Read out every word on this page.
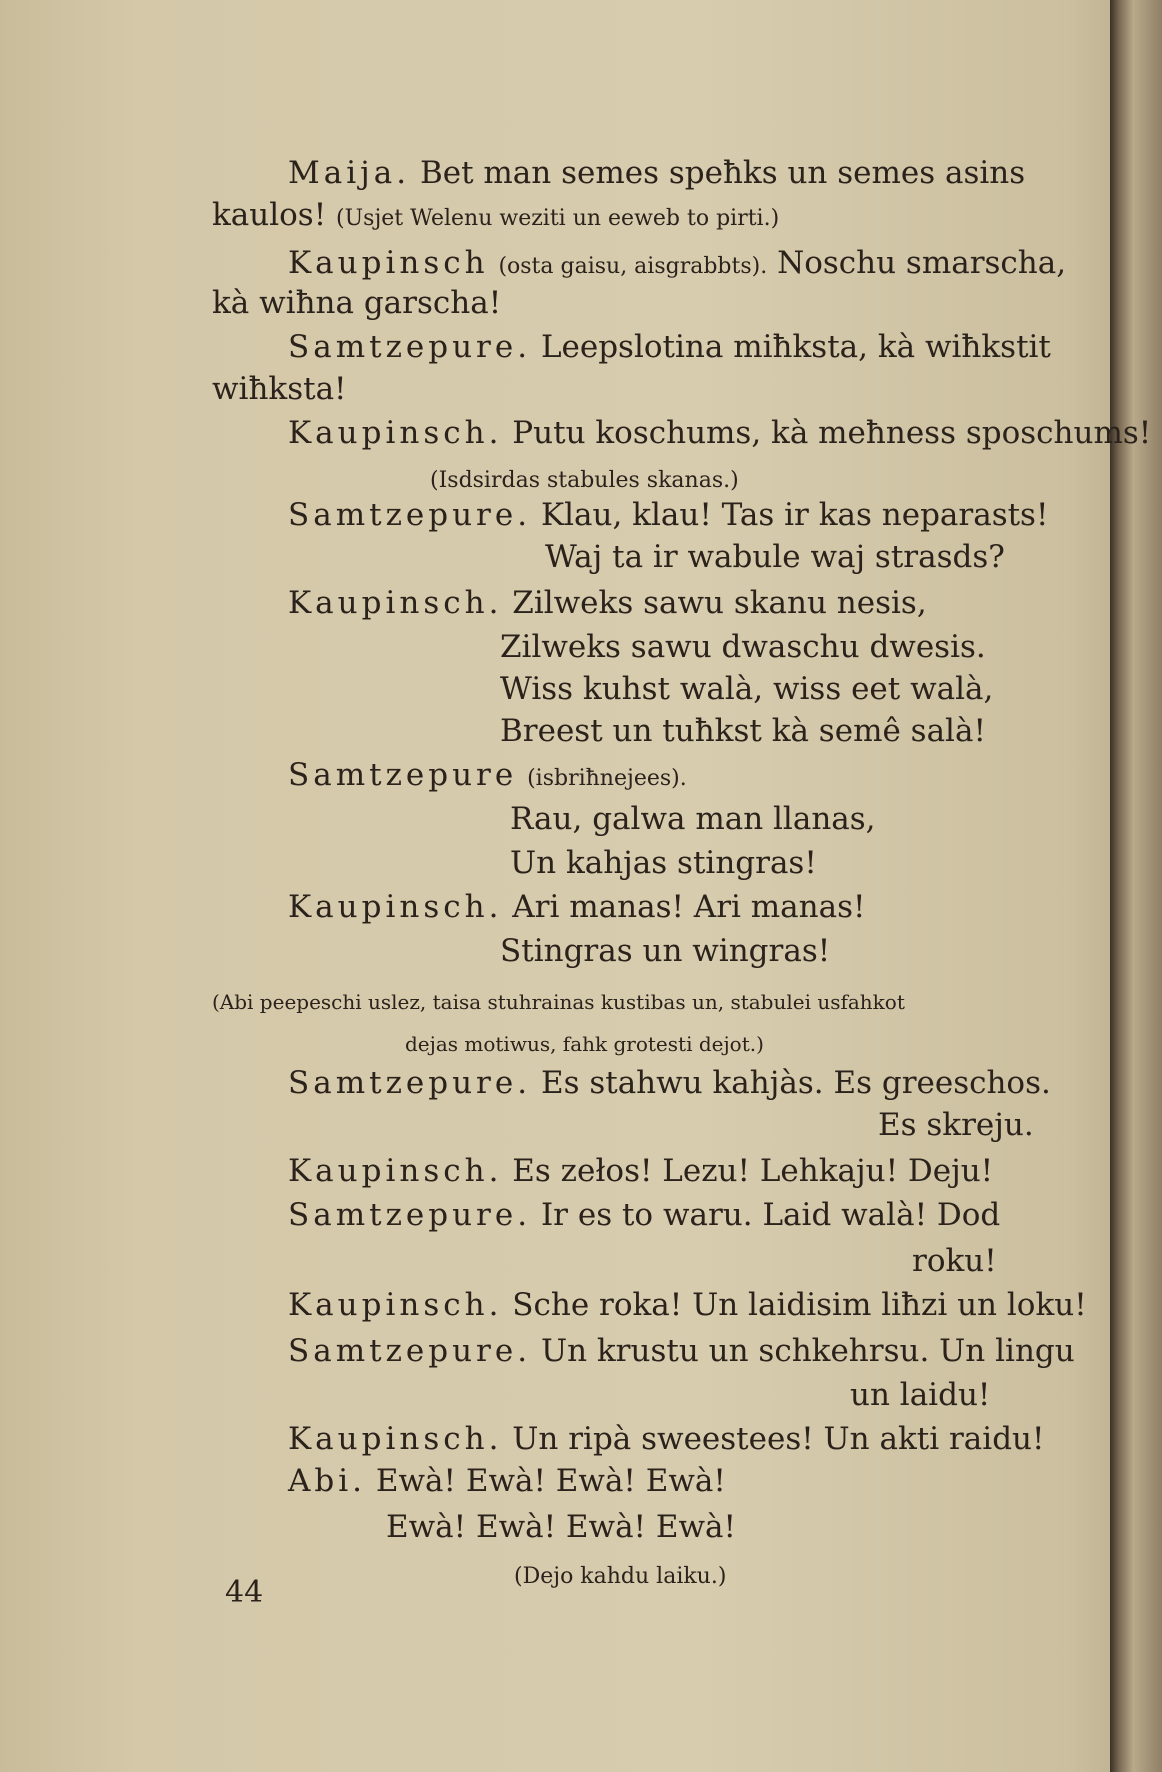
Maija. Bet man semes speħks un semes asins
kaulos! (Usjet Welenu weziti un eeweb to pirti.)
Kaupinsch (osta gaisu, aisgrabbts). Noschu smarscha,
kà wiħna garscha!
Samtzepure. Leepslotina miħksta, kà wiħkstit
wiħksta!
Kaupinsch. Putu koschums, kà meħness sposchums!
(Isdsirdas stabules skanas.)
Samtzepure. Klau, klau! Tas ir kas neparasts!
Waj ta ir wabule waj strasds?
Kaupinsch. Zilweks sawu skanu nesis,
Zilweks sawu dwaschu dwesis.
Wiss kuhst walà, wiss eet walà,
Breest un tuħkst kà semê salà!
Samtzepure (isbriħnejees).
Rau, galwa man llanas,
Un kahjas stingras!
Kaupinsch. Ari manas! Ari manas!
Stingras un wingras!
(Abi peepeschi uslez, taisa stuhrainas kustibas un, stabulei usfahkot
dejas motiwus, fahk grotesti dejot.)
Samtzepure. Es stahwu kahjàs. Es greeschos.
Es skreju.
Kaupinsch. Es zełos! Lezu! Lehkaju! Deju!
Samtzepure. Ir es to waru. Laid walà! Dod
roku!
Kaupinsch. Sche roka! Un laidisim liħzi un loku!
Samtzepure. Un krustu un schkehrsu. Un lingu
un laidu!
Kaupinsch. Un ripà sweestees! Un akti raidu!
Abi. Ewà! Ewà! Ewà! Ewà!
Ewà! Ewà! Ewà! Ewà!
(Dejo kahdu laiku.)
44
